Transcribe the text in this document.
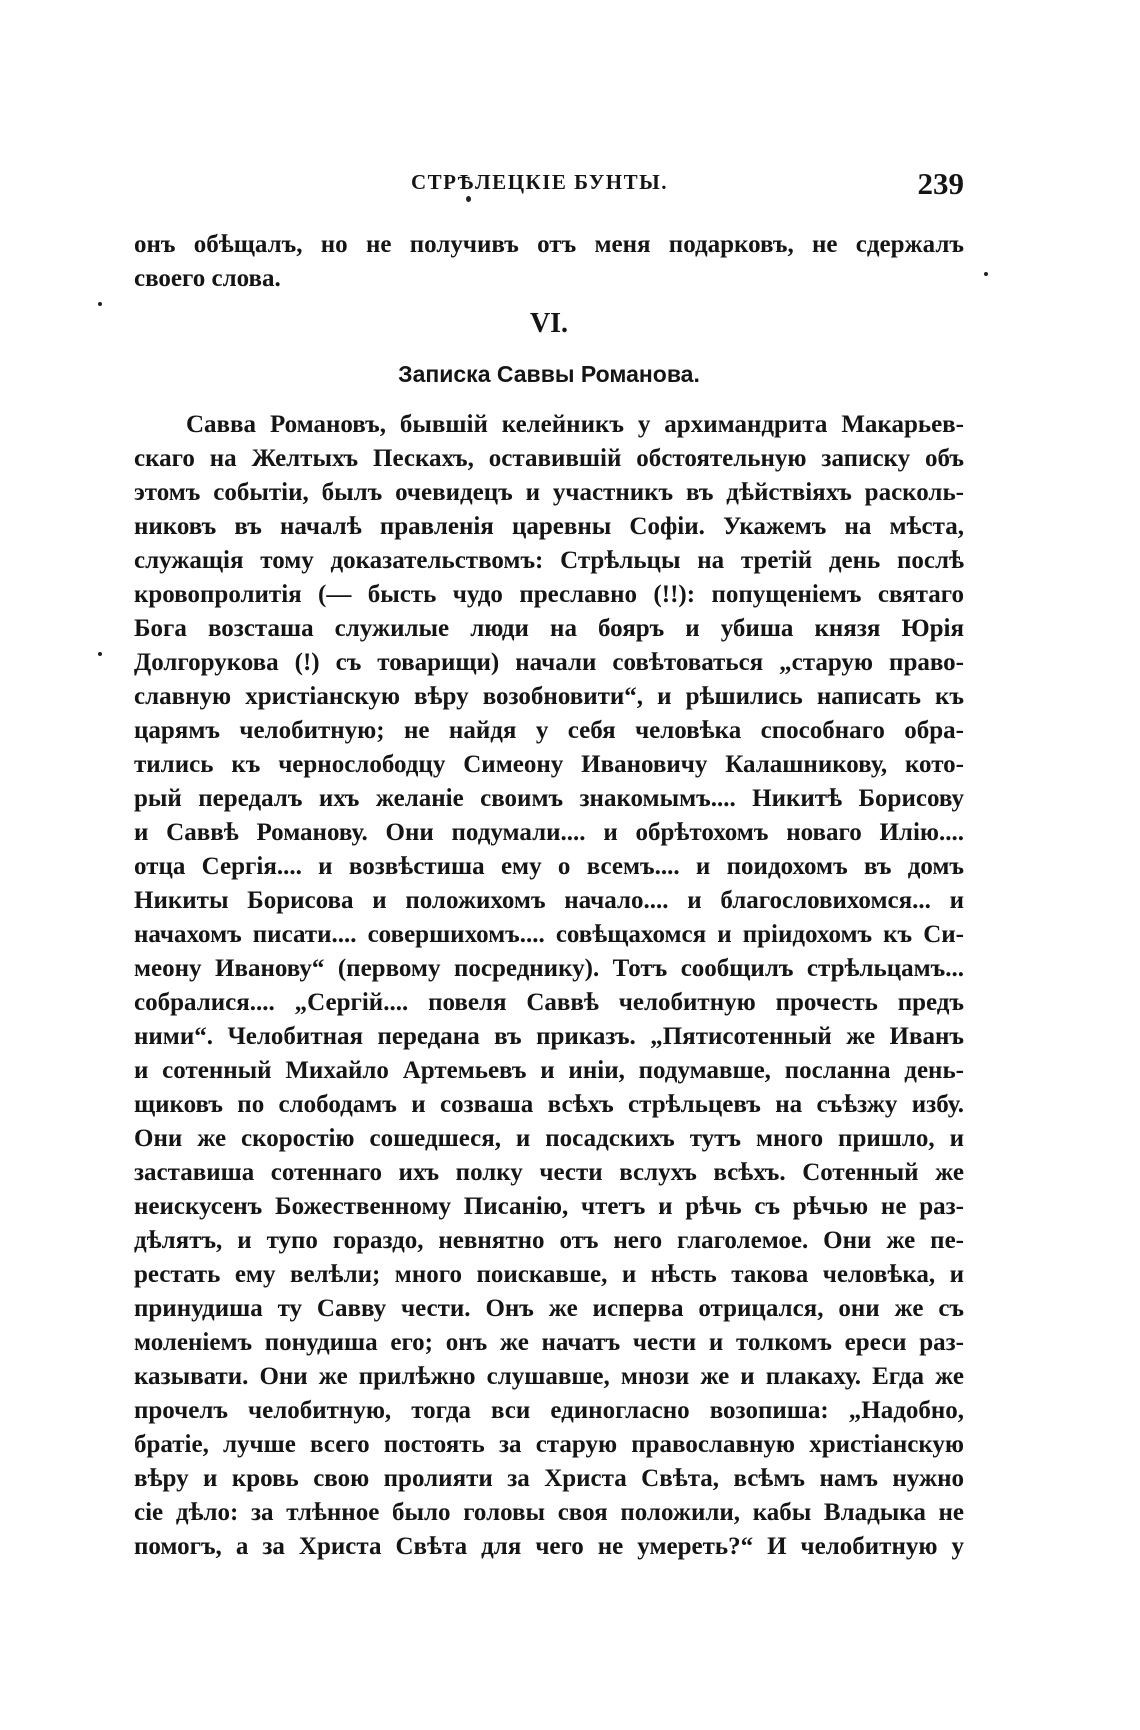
СТРѢЛЕЦКІЕ БУНТЫ.	239
онъ обѣщалъ, но не получивъ отъ меня подарковъ, не сдержалъ
своего слова.
VI.
Записка Саввы Романова.
Савва Романовъ, бывшій келейникъ у архимандрита Макарьев-
скаго на Желтыхъ Пескахъ, оставившій обстоятельную записку объ
этомъ событіи, былъ очевидецъ и участникъ въ дѣйствіяхъ расколь-
никовъ въ началѣ правленія царевны Софіи. Укажемъ на мѣста,
служащія тому доказательствомъ: Стрѣльцы на третій день послѣ
кровопролитія (— бысть чудо преславно (!!): попущеніемъ святаго
Бога возсташа служилые люди на бояръ и убиша князя Юрія
Долгорукова (!) съ товарищи) начали совѣтоваться „старую право-
славную христіанскую вѣру возобновити“, и рѣшились написать къ
царямъ челобитную; не найдя у себя человѣка способнаго обра-
тились къ чернослободцу Симеону Ивановичу Калашникову, кото-
рый передалъ ихъ желаніе своимъ знакомымъ.... Никитѣ Борисову
и Саввѣ Романову. Они подумали.... и обрѣтохомъ новаго Илію....
отца Сергія.... и возвѣстиша ему о всемъ.... и поидохомъ въ домъ
Никиты Борисова и положихомъ начало.... и благословихомся... и
начахомъ писати.... совершихомъ.... совѣщахомся и пріидохомъ къ Си-
меону Иванову“ (первому посреднику). Тотъ сообщилъ стрѣльцамъ...
собралися.... „Сергій.... повеля Саввѣ челобитную прочесть предъ
ними“. Челобитная передана въ приказъ. „Пятисотенный же Иванъ
и сотенный Михайло Артемьевъ и иніи, подумавше, посланна день-
щиковъ по слободамъ и созваша всѣхъ стрѣльцевъ на съѣзжу избу.
Они же скоростію сошедшеся, и посадскихъ тутъ много пришло, и
заставиша сотеннаго ихъ полку чести вслухъ всѣхъ. Сотенный же
неискусенъ Божественному Писанію, чтетъ и рѣчь съ рѣчью не раз-
дѣлятъ, и тупо гораздо, невнятно отъ него глаголемое. Они же пе-
рестать ему велѣли; много поискавше, и нѣсть такова человѣка, и
принудиша ту Савву чести. Онъ же исперва отрицался, они же съ
моленіемъ понудиша его; онъ же начатъ чести и толкомъ ереси раз-
казывати. Они же прилѣжно слушавше, мнози же и плакаху. Егда же
прочелъ челобитную, тогда вси единогласно возопиша: „Надобно,
братіе, лучше всего постоять за старую православную христіанскую
вѣру и кровь свою пролияти за Христа Свѣта, всѣмъ намъ нужно
сіе дѣло: за тлѣнное было головы своя положили, кабы Владыка не
помогъ, а за Христа Свѣта для чего не умереть?“ И челобитную у
